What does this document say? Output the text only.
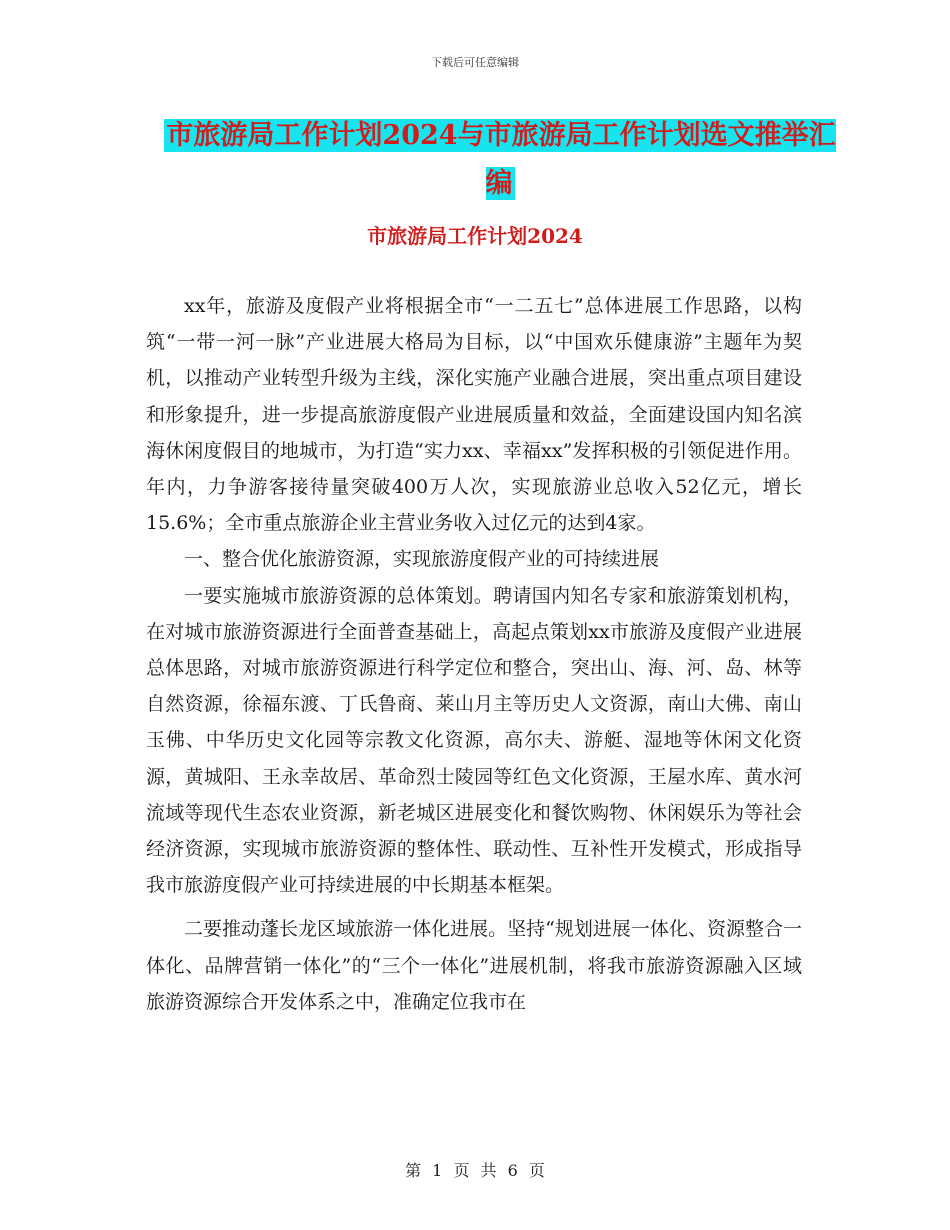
下载后可任意编辑
市旅游局工作计划2024与市旅游局工作计划选文推举汇编
市旅游局工作计划2024

xx年，旅游及度假产业将根据全市“一二五七”总体进展工作思路，以构筑“一带一河一脉”产业进展大格局为目标，以“中国欢乐健康游”主题年为契机，以推动产业转型升级为主线，深化实施产业融合进展，突出重点项目建设和形象提升，进一步提高旅游度假产业进展质量和效益，全面建设国内知名滨海休闲度假目的地城市，为打造“实力xx、幸福xx”发挥积极的引领促进作用。年内，力争游客接待量突破400万人次，实现旅游业总收入52亿元，增长15.6%；全市重点旅游企业主营业务收入过亿元的达到4家。

一、整合优化旅游资源，实现旅游度假产业的可持续进展

一要实施城市旅游资源的总体策划。聘请国内知名专家和旅游策划机构，在对城市旅游资源进行全面普查基础上，高起点策划xx市旅游及度假产业进展总体思路，对城市旅游资源进行科学定位和整合，突出山、海、河、岛、林等自然资源，徐福东渡、丁氏鲁商、莱山月主等历史人文资源，南山大佛、南山玉佛、中华历史文化园等宗教文化资源，高尔夫、游艇、湿地等休闲文化资源，黄城阳、王永幸故居、革命烈士陵园等红色文化资源，王屋水库、黄水河流域等现代生态农业资源，新老城区进展变化和餐饮购物、休闲娱乐为等社会经济资源，实现城市旅游资源的整体性、联动性、互补性开发模式，形成指导我市旅游度假产业可持续进展的中长期基本框架。

二要推动蓬长龙区域旅游一体化进展。坚持“规划进展一体化、资源整合一体化、品牌营销一体化”的“三个一体化”进展机制，将我市旅游资源融入区域旅游资源综合开发体系之中，准确定位我市在

第 1 页 共 6 页
